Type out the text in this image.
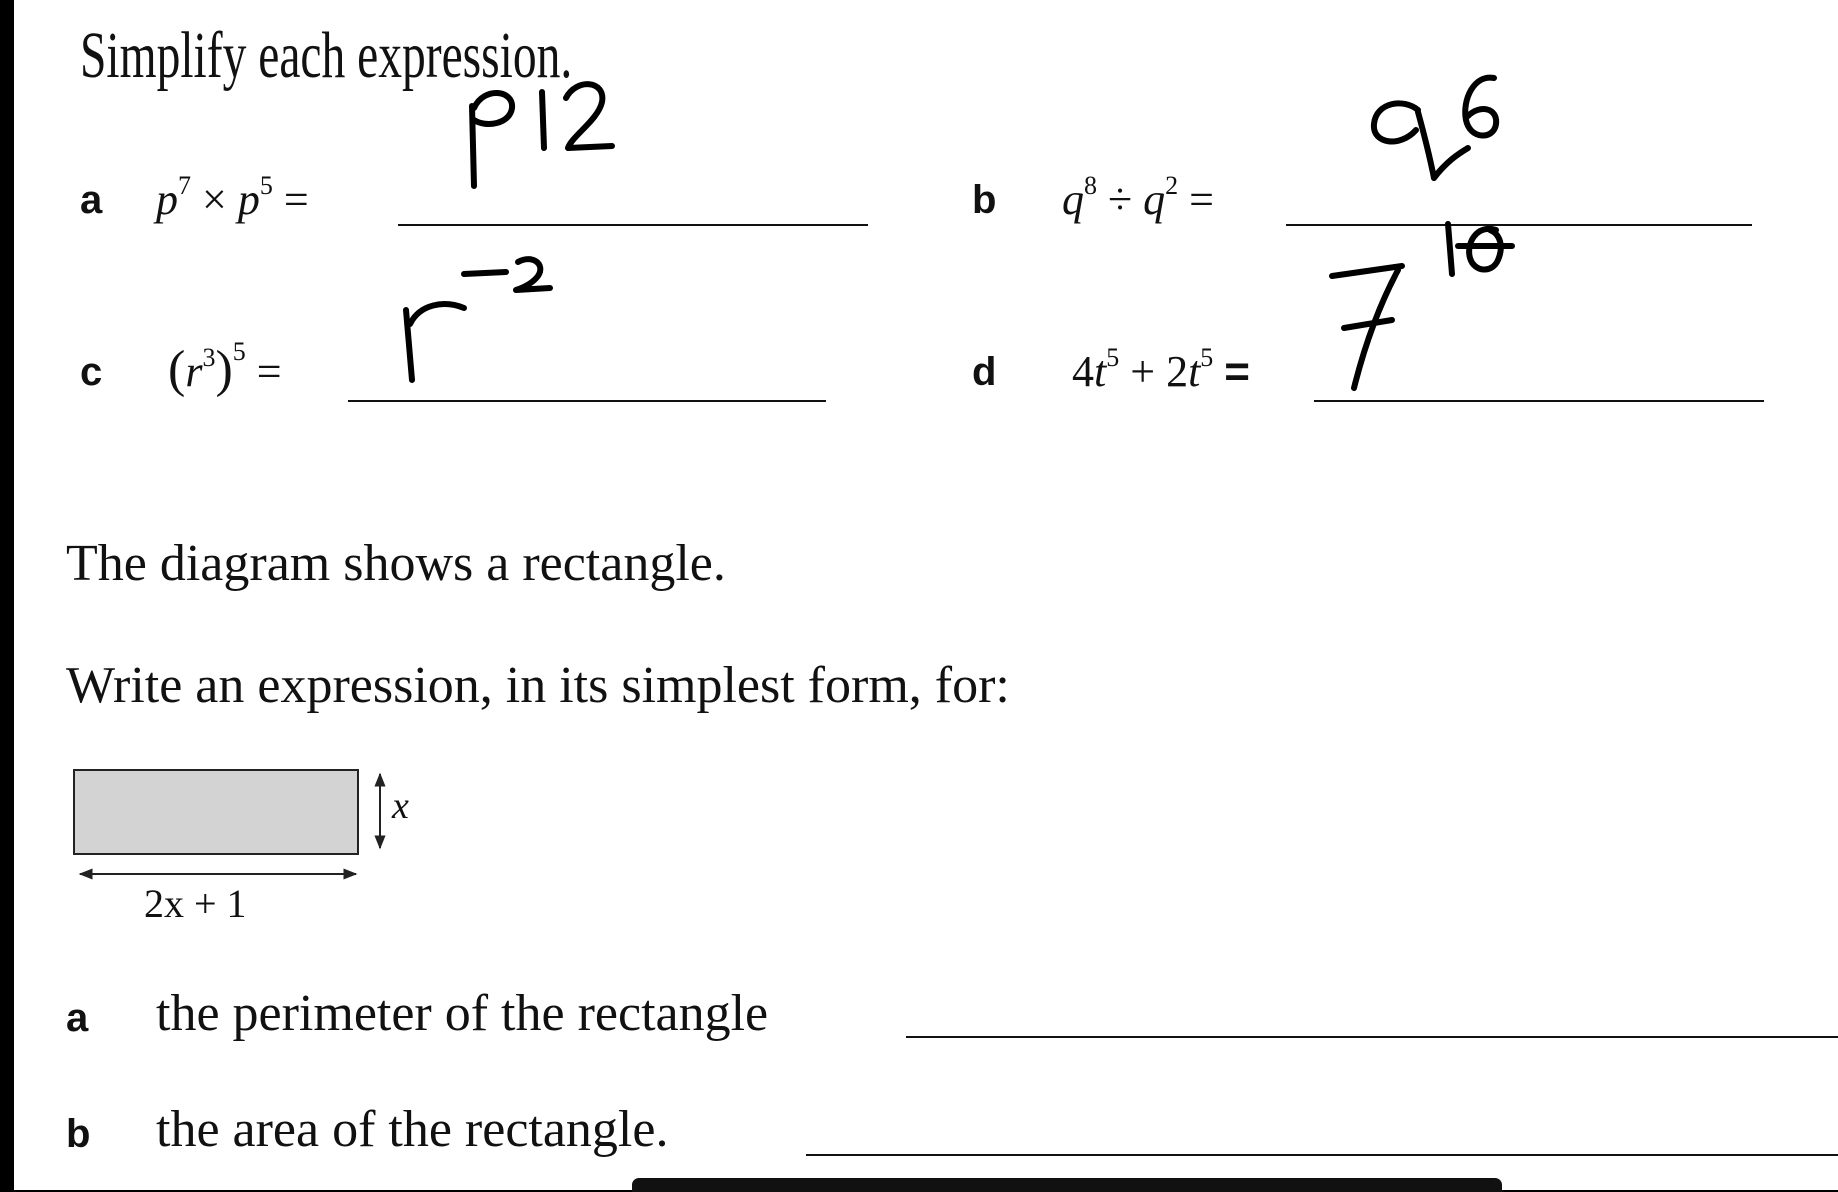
Simplify each expression.
a $p^7 \times p^5$ =	b $q^8 \div q^2$ =
c $(r^3)^5$ =	d $4t^5 + 2t^5$ =
The diagram shows a rectangle.
Write an expression, in its simplest form, for:
x
2x + 1
a the perimeter of the rectangle
b the area of the rectangle.
